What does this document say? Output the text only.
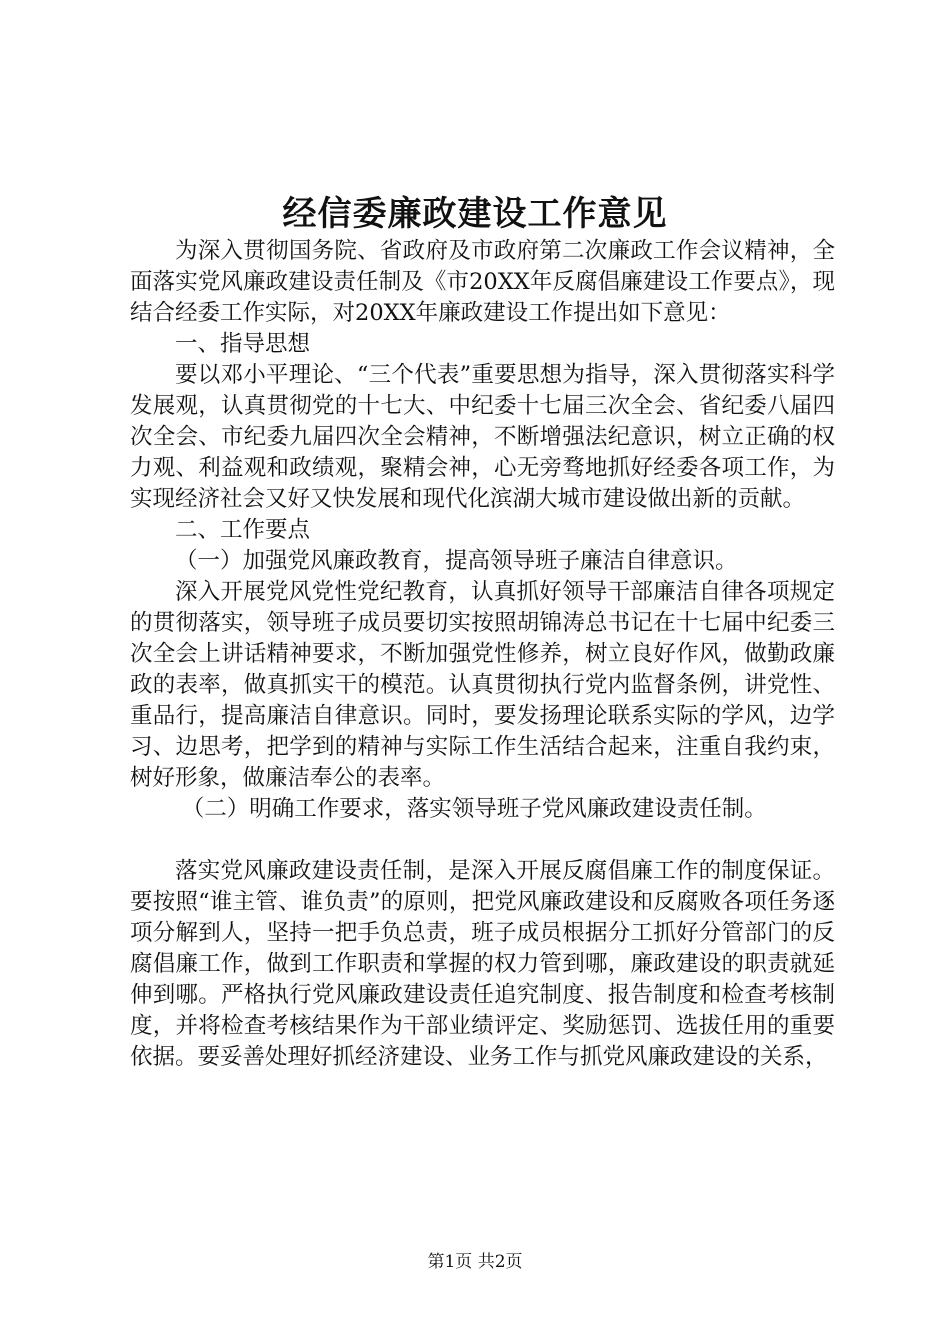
经信委廉政建设工作意见

为深入贯彻国务院、省政府及市政府第二次廉政工作会议精神，全面落实党风廉政建设责任制及《市20XX年反腐倡廉建设工作要点》，现结合经委工作实际，对20XX年廉政建设工作提出如下意见：

一、指导思想

要以邓小平理论、“三个代表”重要思想为指导，深入贯彻落实科学发展观，认真贯彻党的十七大、中纪委十七届三次全会、省纪委八届四次全会、市纪委九届四次全会精神，不断增强法纪意识，树立正确的权力观、利益观和政绩观，聚精会神，心无旁骛地抓好经委各项工作，为实现经济社会又好又快发展和现代化滨湖大城市建设做出新的贡献。

二、工作要点

（一）加强党风廉政教育，提高领导班子廉洁自律意识。

深入开展党风党性党纪教育，认真抓好领导干部廉洁自律各项规定的贯彻落实，领导班子成员要切实按照胡锦涛总书记在十七届中纪委三次全会上讲话精神要求，不断加强党性修养，树立良好作风，做勤政廉政的表率，做真抓实干的模范。认真贯彻执行党内监督条例，讲党性、重品行，提高廉洁自律意识。同时，要发扬理论联系实际的学风，边学习、边思考，把学到的精神与实际工作生活结合起来，注重自我约束，树好形象，做廉洁奉公的表率。

（二）明确工作要求，落实领导班子党风廉政建设责任制。

落实党风廉政建设责任制，是深入开展反腐倡廉工作的制度保证。要按照“谁主管、谁负责”的原则，把党风廉政建设和反腐败各项任务逐项分解到人，坚持一把手负总责，班子成员根据分工抓好分管部门的反腐倡廉工作，做到工作职责和掌握的权力管到哪，廉政建设的职责就延伸到哪。严格执行党风廉政建设责任追究制度、报告制度和检查考核制度，并将检查考核结果作为干部业绩评定、奖励惩罚、选拔任用的重要依据。要妥善处理好抓经济建设、业务工作与抓党风廉政建设的关系，

第1页 共2页
